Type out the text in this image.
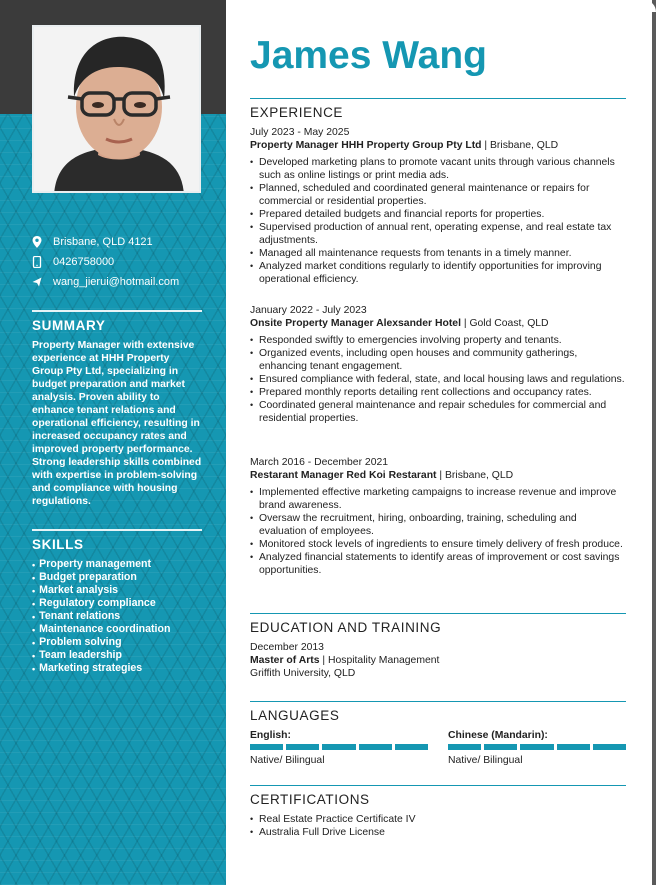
Brisbane, QLD 4121
0426758000
wang_jierui@hotmail.com
SUMMARY
Property Manager with extensive experience at HHH Property Group Pty Ltd, specializing in budget preparation and market analysis. Proven ability to enhance tenant relations and operational efficiency, resulting in increased occupancy rates and improved property performance. Strong leadership skills combined with expertise in problem-solving and compliance with housing regulations.
SKILLS
• Property management
• Budget preparation
• Market analysis
• Regulatory compliance
• Tenant relations
• Maintenance coordination
• Problem solving
• Team leadership
• Marketing strategies
James Wang
EXPERIENCE
July 2023 - May 2025
Property Manager HHH Property Group Pty Ltd | Brisbane, QLD
• Developed marketing plans to promote vacant units through various channels such as online listings or print media ads.
• Planned, scheduled and coordinated general maintenance or repairs for commercial or residential properties.
• Prepared detailed budgets and financial reports for properties.
• Supervised production of annual rent, operating expense, and real estate tax adjustments.
• Managed all maintenance requests from tenants in a timely manner.
• Analyzed market conditions regularly to identify opportunities for improving operational efficiency.
January 2022 - July 2023
Onsite Property Manager Alexsander Hotel | Gold Coast, QLD
• Responded swiftly to emergencies involving property and tenants.
• Organized events, including open houses and community gatherings, enhancing tenant engagement.
• Ensured compliance with federal, state, and local housing laws and regulations.
• Prepared monthly reports detailing rent collections and occupancy rates.
• Coordinated general maintenance and repair schedules for commercial and residential properties.
March 2016 - December 2021
Restarant Manager Red Koi Restarant | Brisbane, QLD
• Implemented effective marketing campaigns to increase revenue and improve brand awareness.
• Oversaw the recruitment, hiring, onboarding, training, scheduling and evaluation of employees.
• Monitored stock levels of ingredients to ensure timely delivery of fresh produce.
• Analyzed financial statements to identify areas of improvement or cost savings opportunities.
EDUCATION AND TRAINING
December 2013
Master of Arts | Hospitality Management
Griffith University, QLD
LANGUAGES
English:
Native/ Bilingual
Chinese (Mandarin):
Native/ Bilingual
CERTIFICATIONS
• Real Estate Practice Certificate IV
• Australia Full Drive License
